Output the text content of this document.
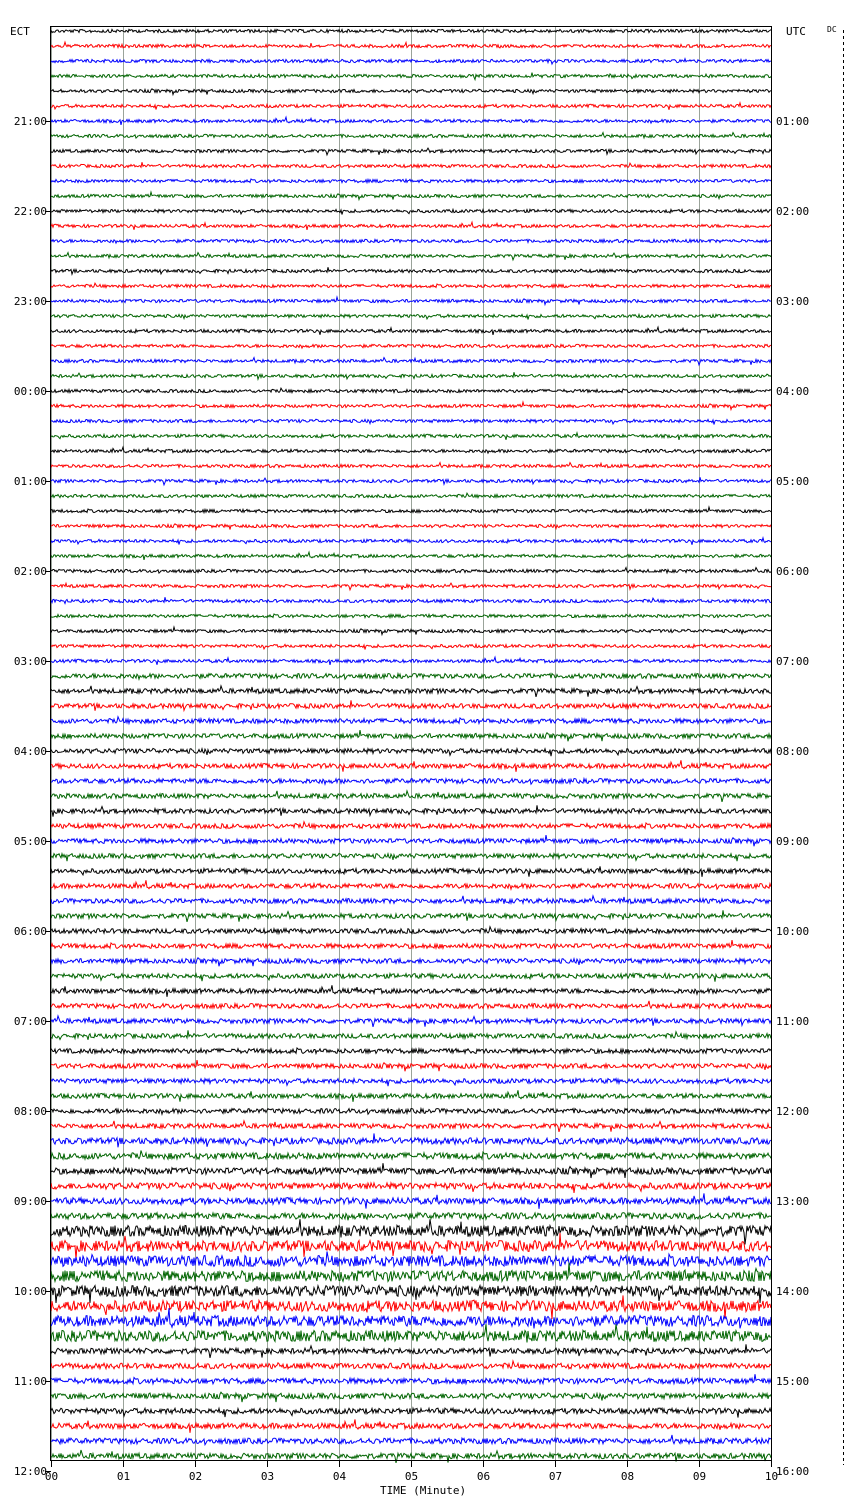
ECT	UTC	DC
TIME (Minute)
21:00
22:00
23:00
00:00
01:00
02:00
03:00
04:00
05:00
06:00
07:00
08:00
09:00
10:00
11:00
12:00
01:00
02:00
03:00
04:00
05:00
06:00
07:00
08:00
09:00
10:00
11:00
12:00
13:00
14:00
15:00
16:00
00	01	02	03	04	05	06	07	08	09	10
